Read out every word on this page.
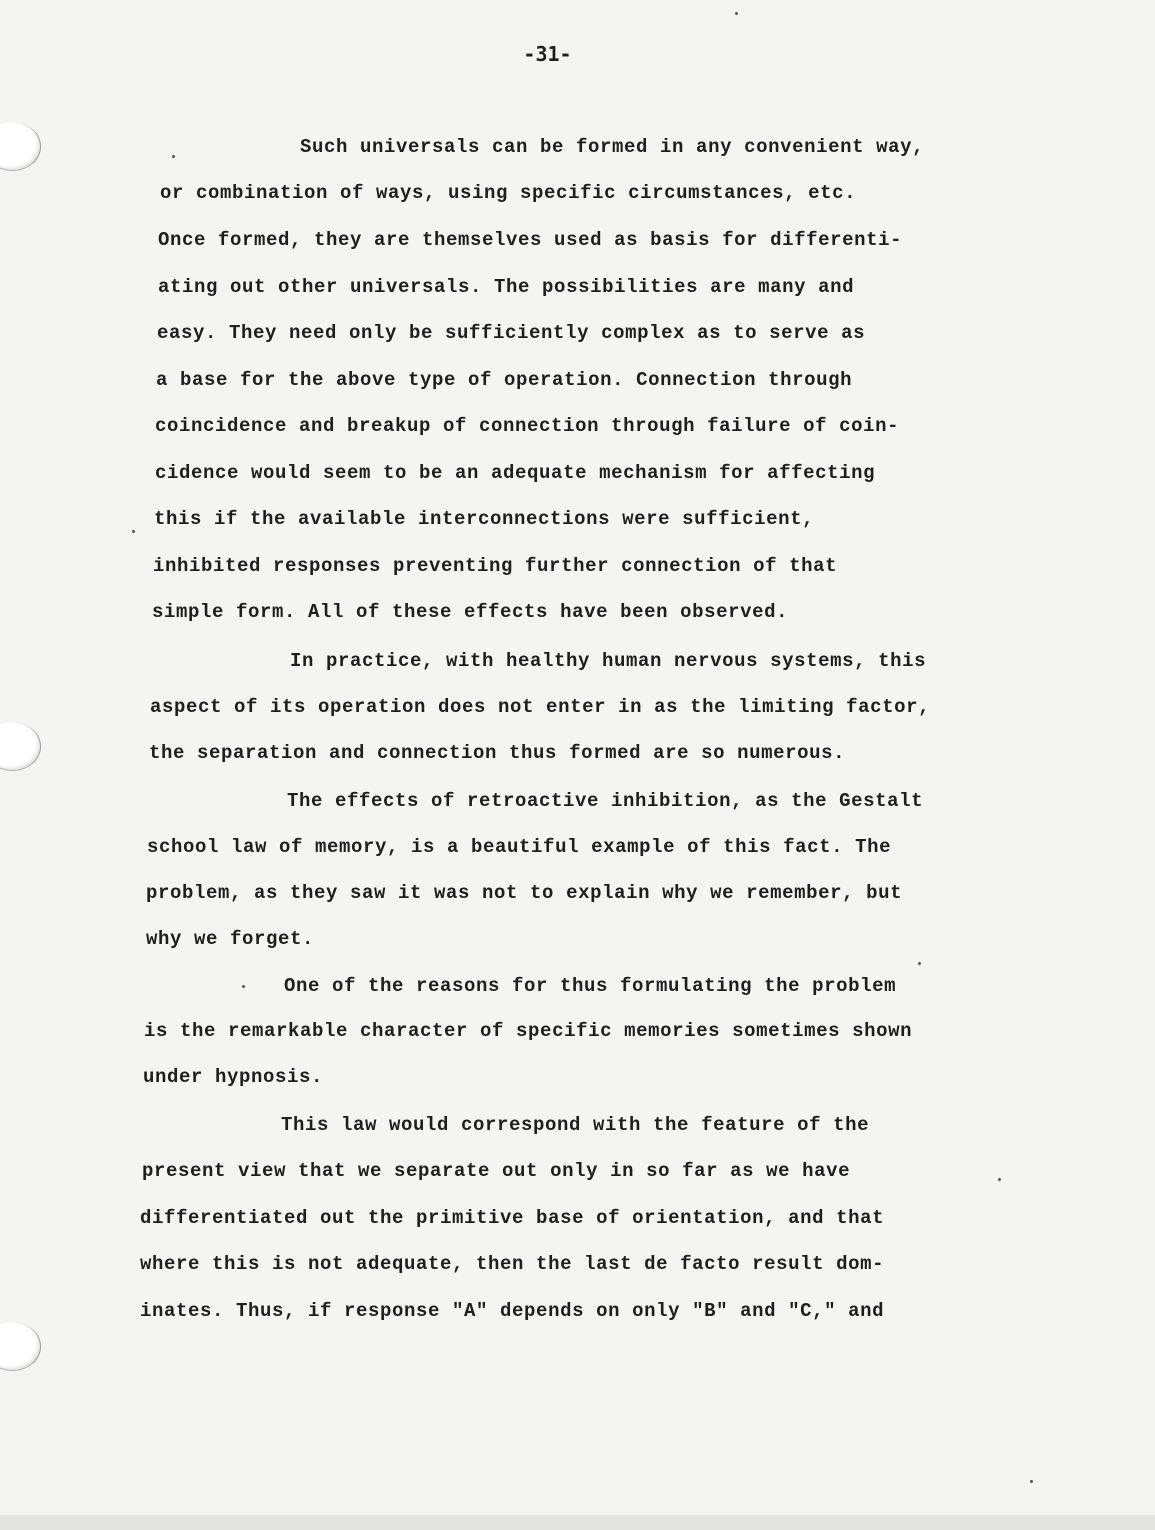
-31-
Such universals can be formed in any convenient way,
or combination of ways, using specific circumstances, etc.
Once formed, they are themselves used as basis for differenti-
ating out other universals. The possibilities are many and
easy. They need only be sufficiently complex as to serve as
a base for the above type of operation. Connection through
coincidence and breakup of connection through failure of coin-
cidence would seem to be an adequate mechanism for affecting
this if the available interconnections were sufficient,
inhibited responses preventing further connection of that
simple form. All of these effects have been observed.
In practice, with healthy human nervous systems, this
aspect of its operation does not enter in as the limiting factor,
the separation and connection thus formed are so numerous.
The effects of retroactive inhibition, as the Gestalt
school law of memory, is a beautiful example of this fact. The
problem, as they saw it was not to explain why we remember, but
why we forget.
One of the reasons for thus formulating the problem
is the remarkable character of specific memories sometimes shown
under hypnosis.
This law would correspond with the feature of the
present view that we separate out only in so far as we have
differentiated out the primitive base of orientation, and that
where this is not adequate, then the last de facto result dom-
inates. Thus, if response "A" depends on only "B" and "C," and
